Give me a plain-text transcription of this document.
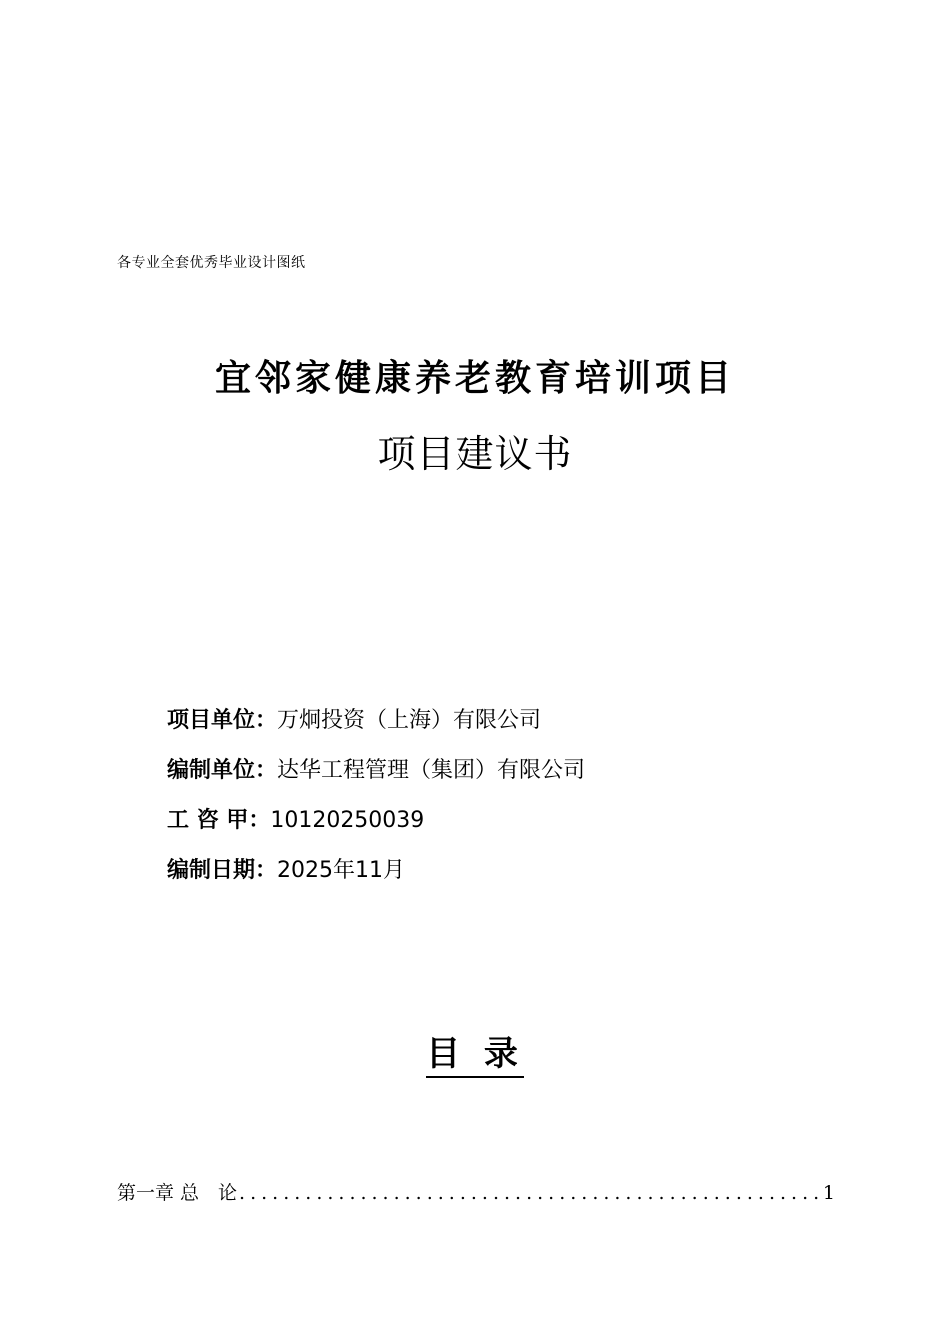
各专业全套优秀毕业设计图纸
宜邻家健康养老教育培训项目
项目建议书
项目单位：万炯投资（上海）有限公司
编制单位：达华工程管理（集团）有限公司
工 咨 甲：10120250039
编制日期：2025年11月
目 录
第一章 总　论
.....	1
